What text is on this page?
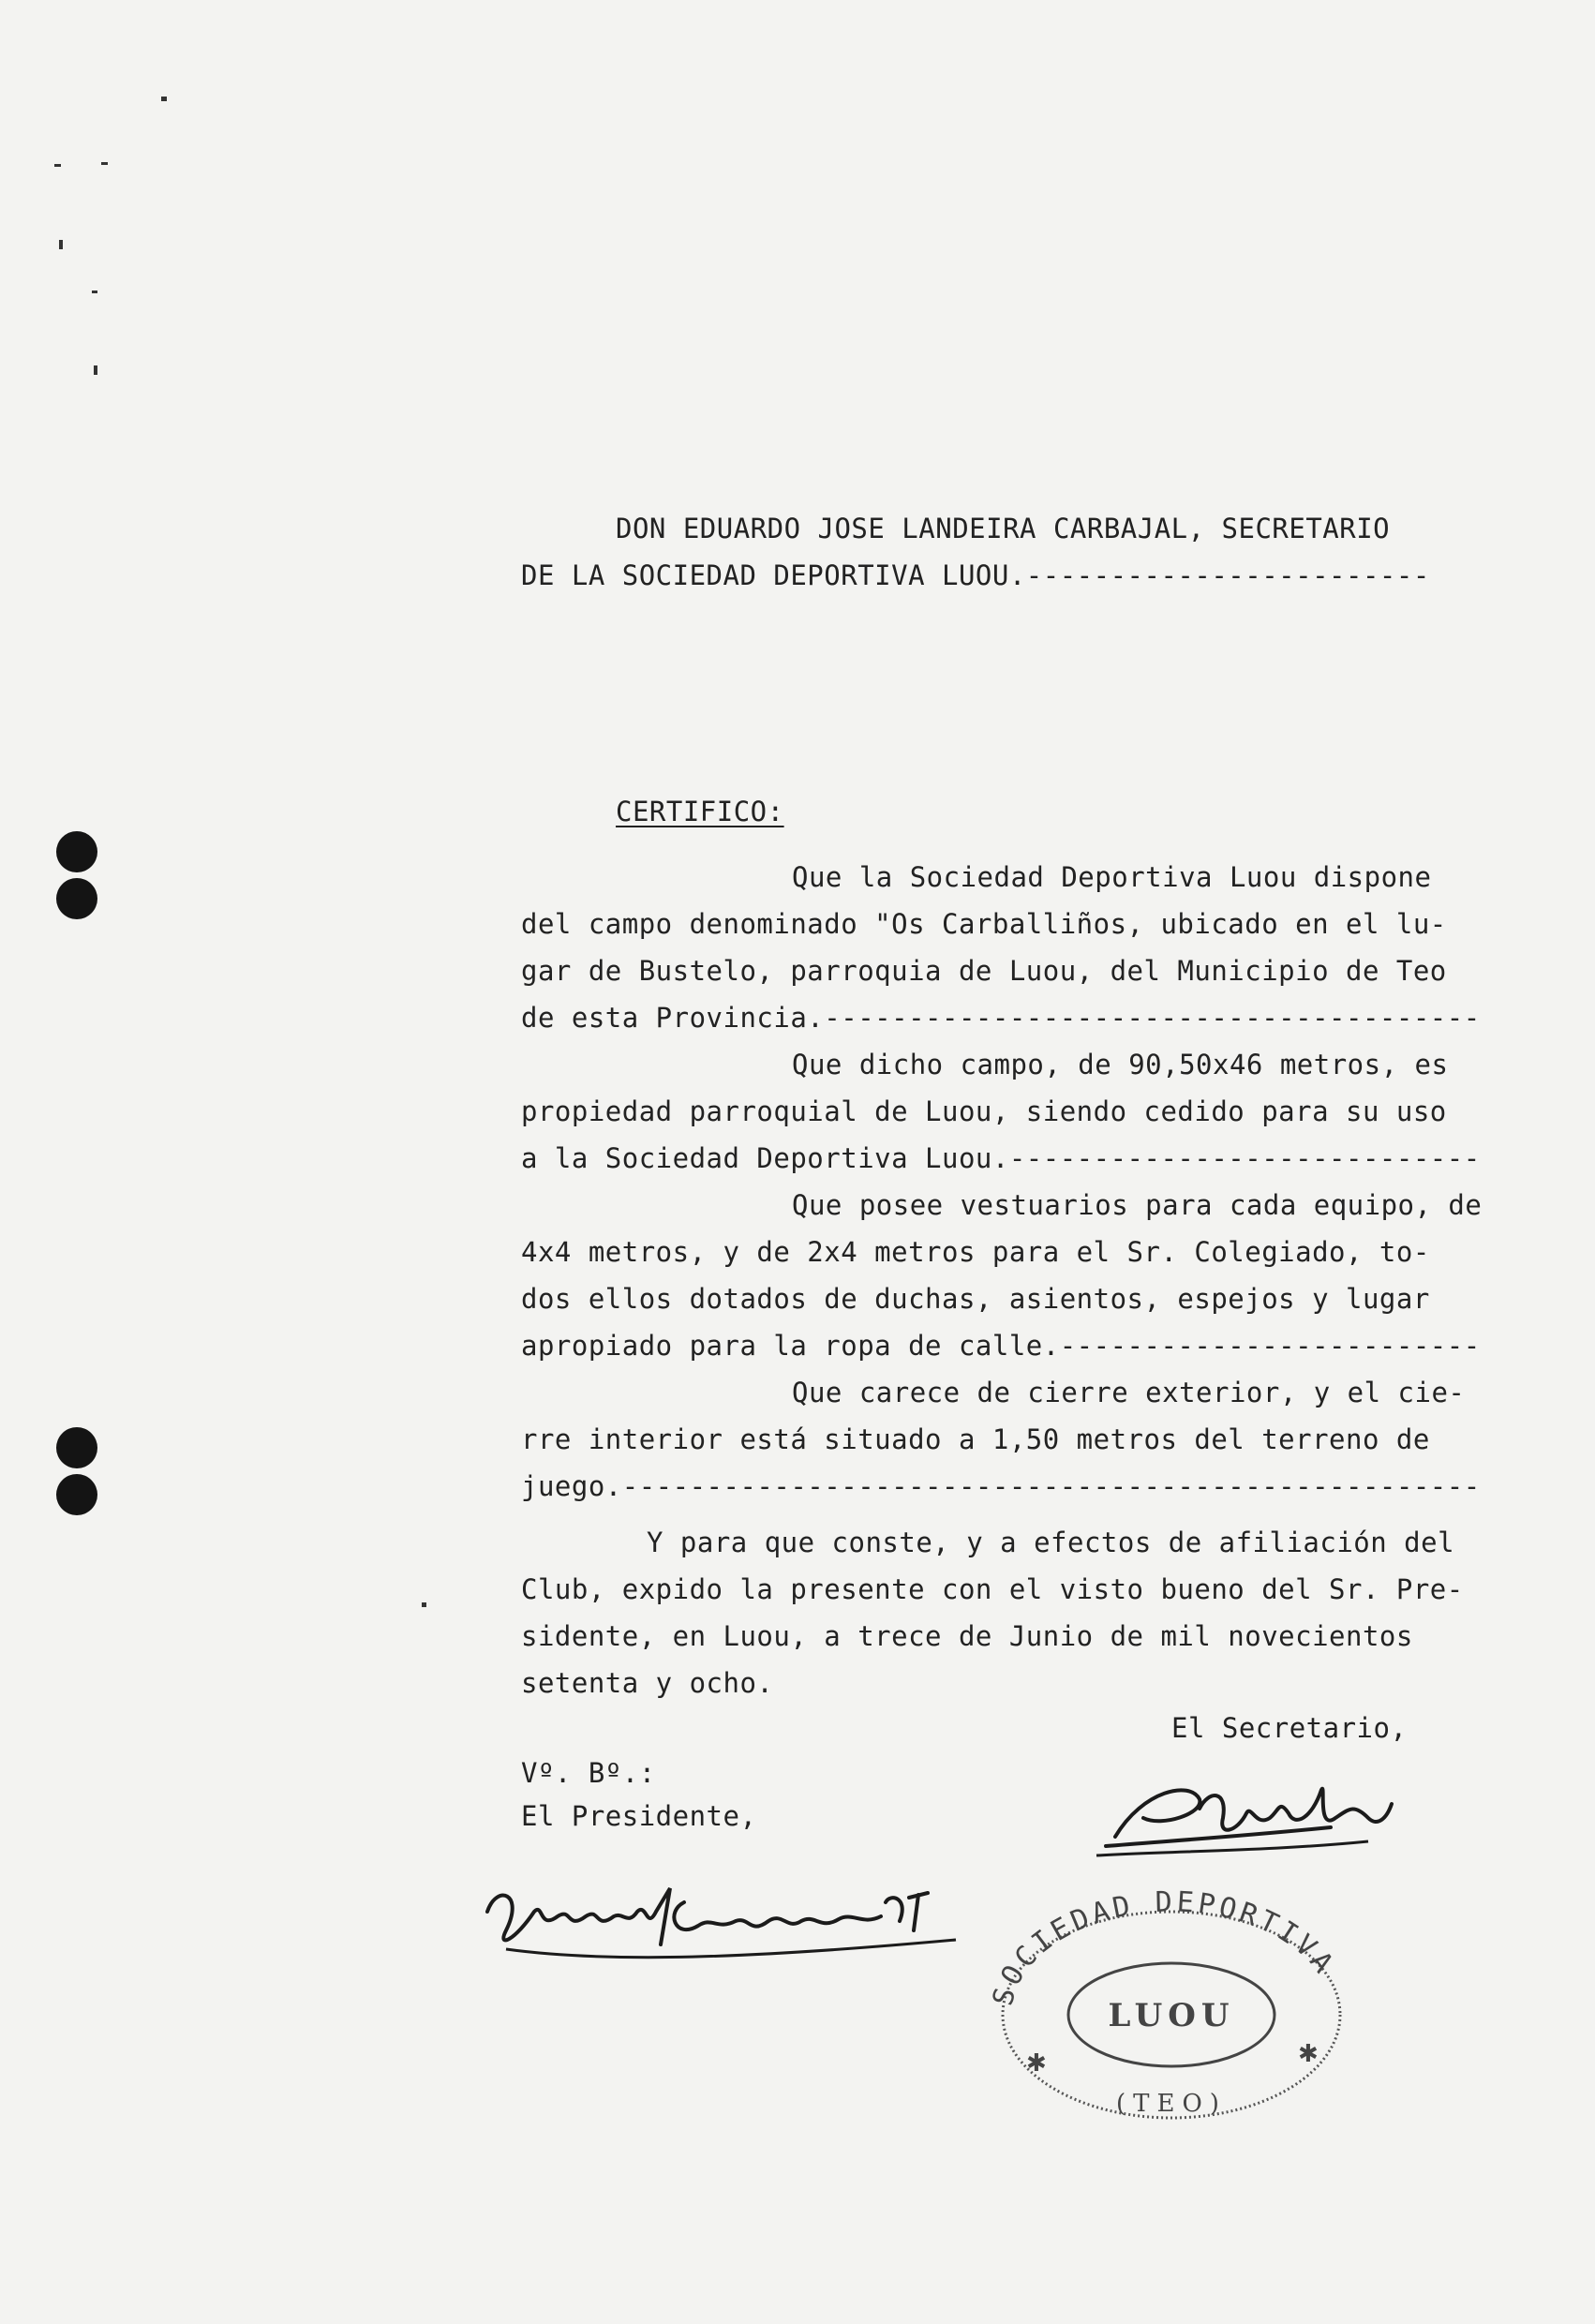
DON EDUARDO JOSE LANDEIRA CARBAJAL, SECRETARIO
DE LA SOCIEDAD DEPORTIVA LUOU.------------------------
CERTIFICO:
Que la Sociedad Deportiva Luou dispone
del campo denominado "Os Carballiños, ubicado en el lu-
gar de Bustelo, parroquia de Luou, del Municipio de Teo
de esta Provincia.---------------------------------------
Que dicho campo, de 90,50x46 metros, es
propiedad parroquial de Luou, siendo cedido para su uso
a la Sociedad Deportiva Luou.----------------------------
Que posee vestuarios para cada equipo, de
4x4 metros, y de 2x4 metros para el Sr. Colegiado, to-
dos ellos dotados de duchas, asientos, espejos y lugar
apropiado para la ropa de calle.-------------------------
Que carece de cierre exterior, y el cie-
rre interior está situado a 1,50 metros del terreno de
juego.---------------------------------------------------
Y para que conste, y a efectos de afiliación del
Club, expido la presente con el visto bueno del Sr. Pre-
sidente, en Luou, a trece de Junio de mil novecientos
setenta y ocho.
El Secretario,
Vº. Bº.:
El Presidente,
SOCIEDAD DEPORTIVA
LUOU
(TEO)
✱	✱
